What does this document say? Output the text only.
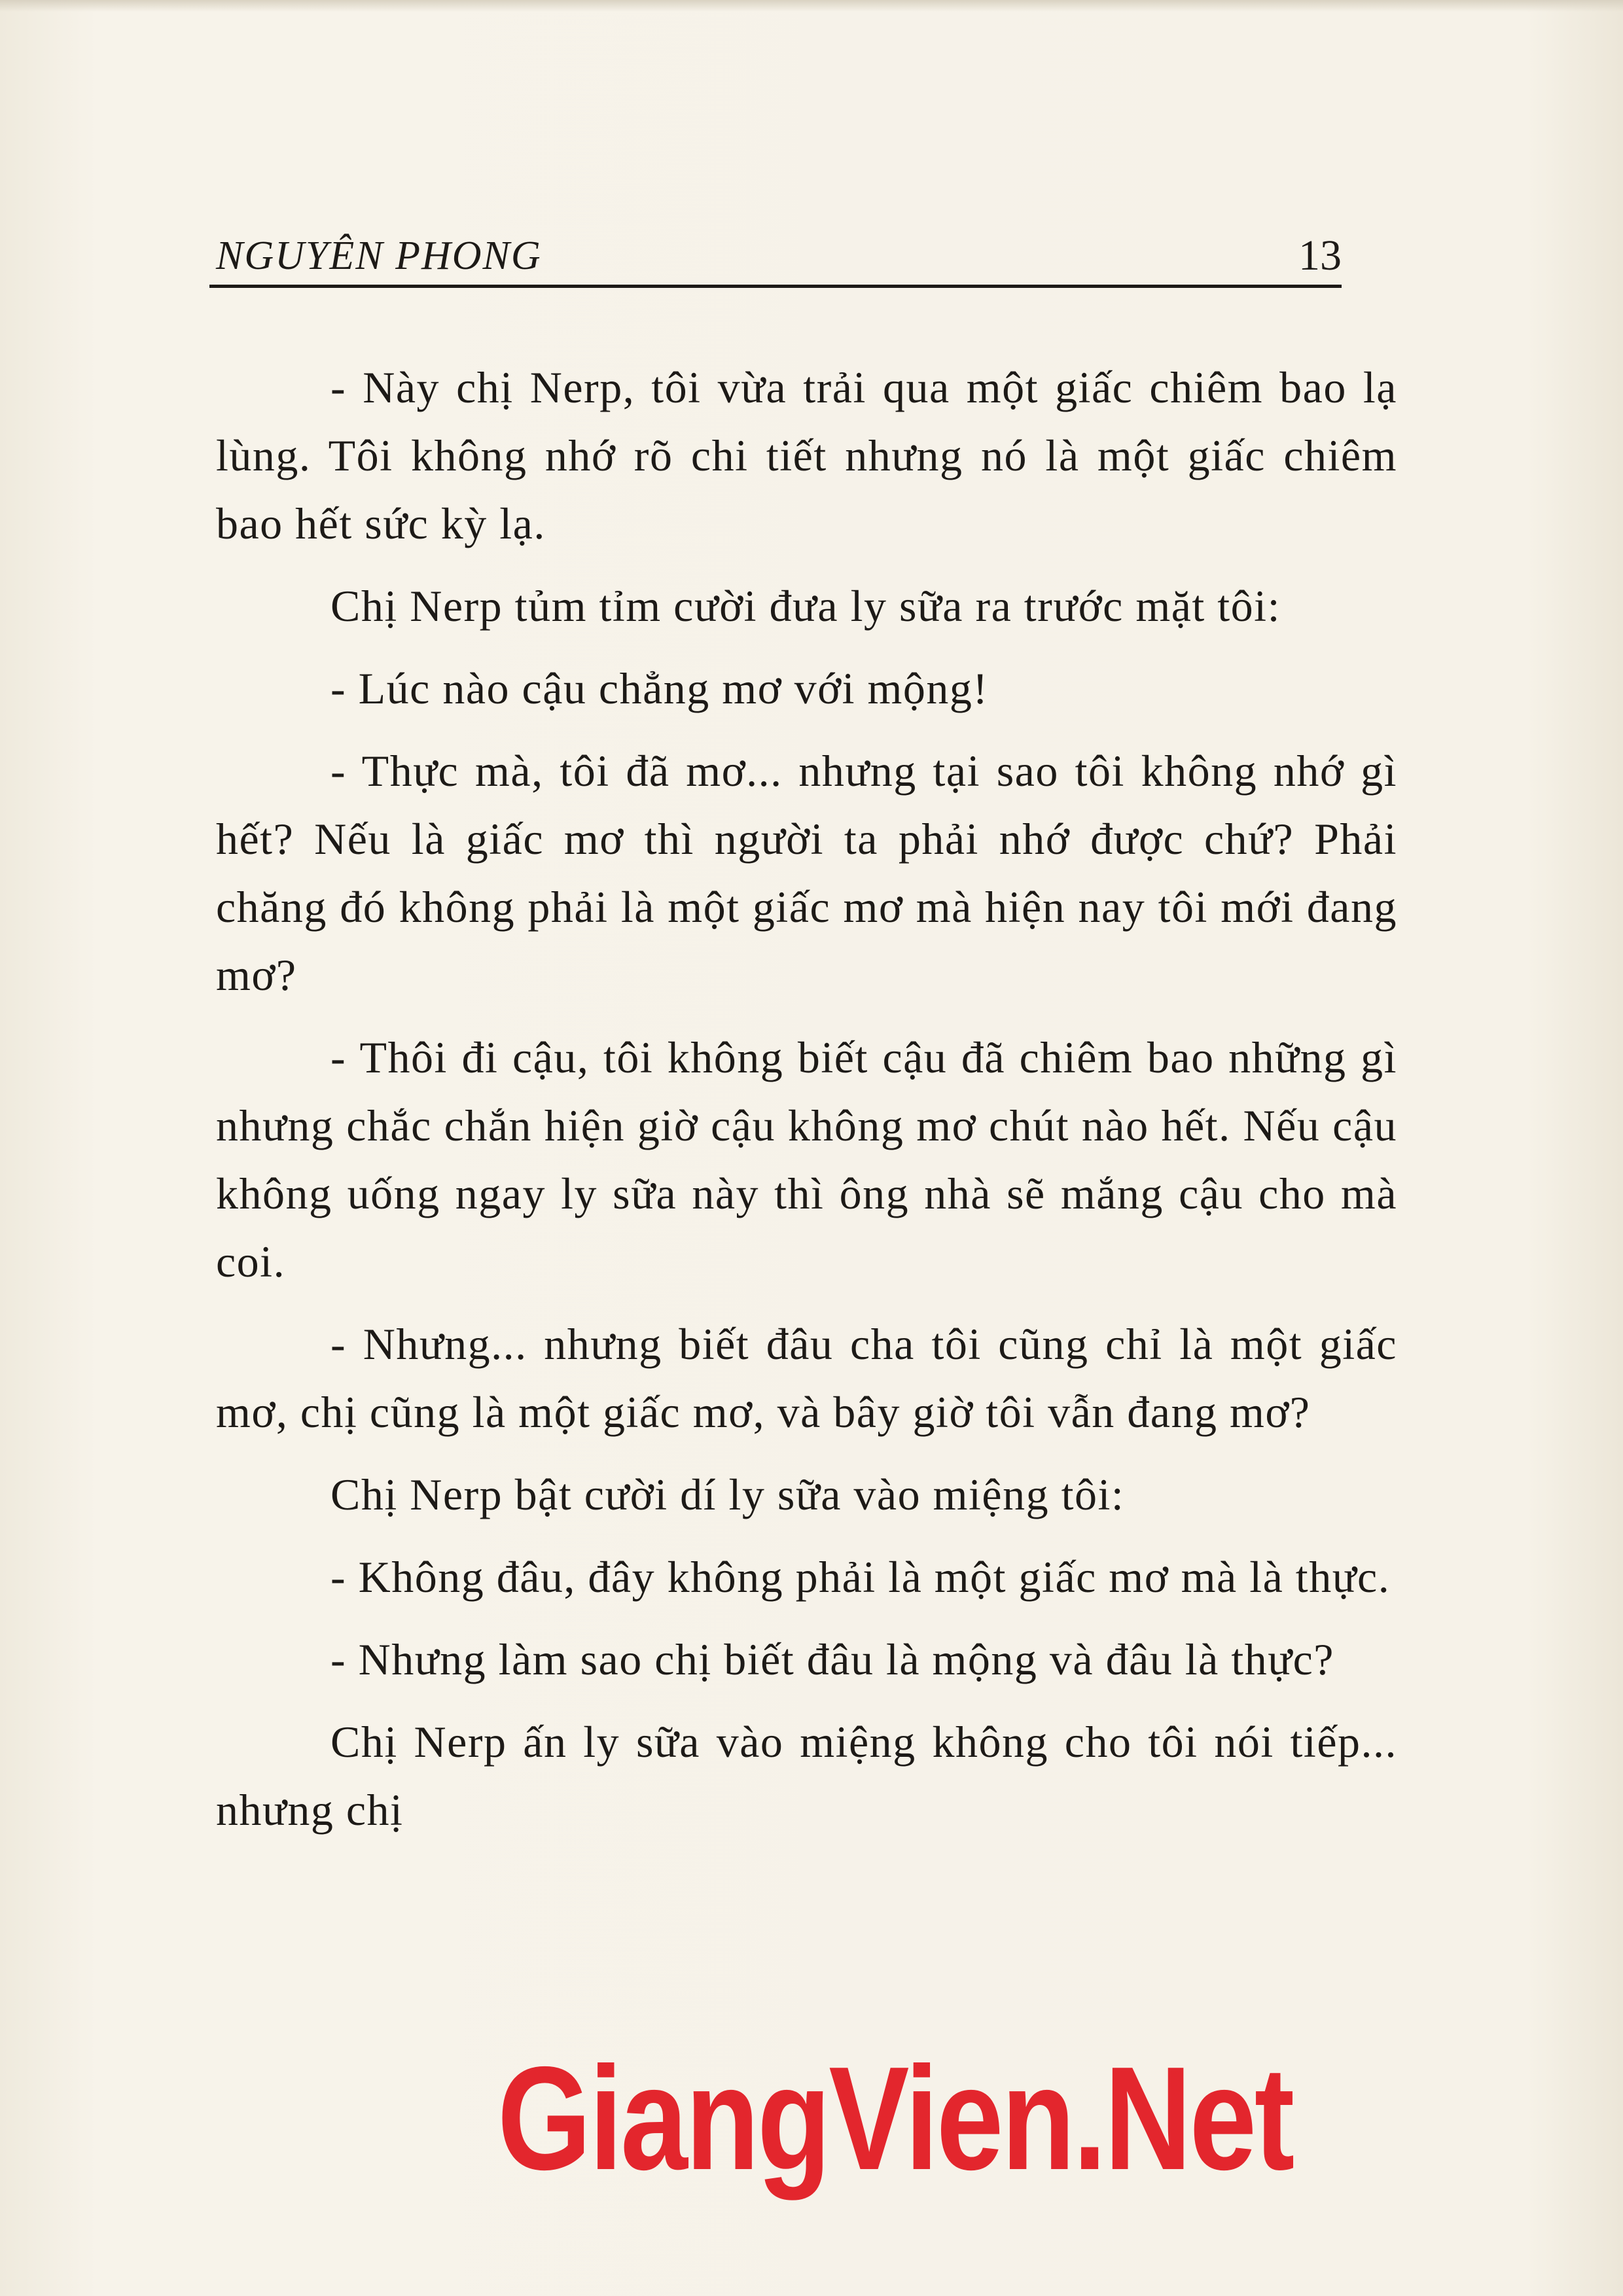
NGUYÊN PHONG	13

- Này chị Nerp, tôi vừa trải qua một giấc chiêm bao lạ lùng. Tôi không nhớ rõ chi tiết nhưng nó là một giấc chiêm bao hết sức kỳ lạ.

Chị Nerp tủm tỉm cười đưa ly sữa ra trước mặt tôi:

- Lúc nào cậu chẳng mơ với mộng!

- Thực mà, tôi đã mơ... nhưng tại sao tôi không nhớ gì hết? Nếu là giấc mơ thì người ta phải nhớ được chứ? Phải chăng đó không phải là một giấc mơ mà hiện nay tôi mới đang mơ?

- Thôi đi cậu, tôi không biết cậu đã chiêm bao những gì nhưng chắc chắn hiện giờ cậu không mơ chút nào hết. Nếu cậu không uống ngay ly sữa này thì ông nhà sẽ mắng cậu cho mà coi.

- Nhưng... nhưng biết đâu cha tôi cũng chỉ là một giấc mơ, chị cũng là một giấc mơ, và bây giờ tôi vẫn đang mơ?

Chị Nerp bật cười dí ly sữa vào miệng tôi:

- Không đâu, đây không phải là một giấc mơ mà là thực.

- Nhưng làm sao chị biết đâu là mộng và đâu là thực?

Chị Nerp ấn ly sữa vào miệng không cho tôi nói tiếp... nhưng chị

GiangVien.Net
